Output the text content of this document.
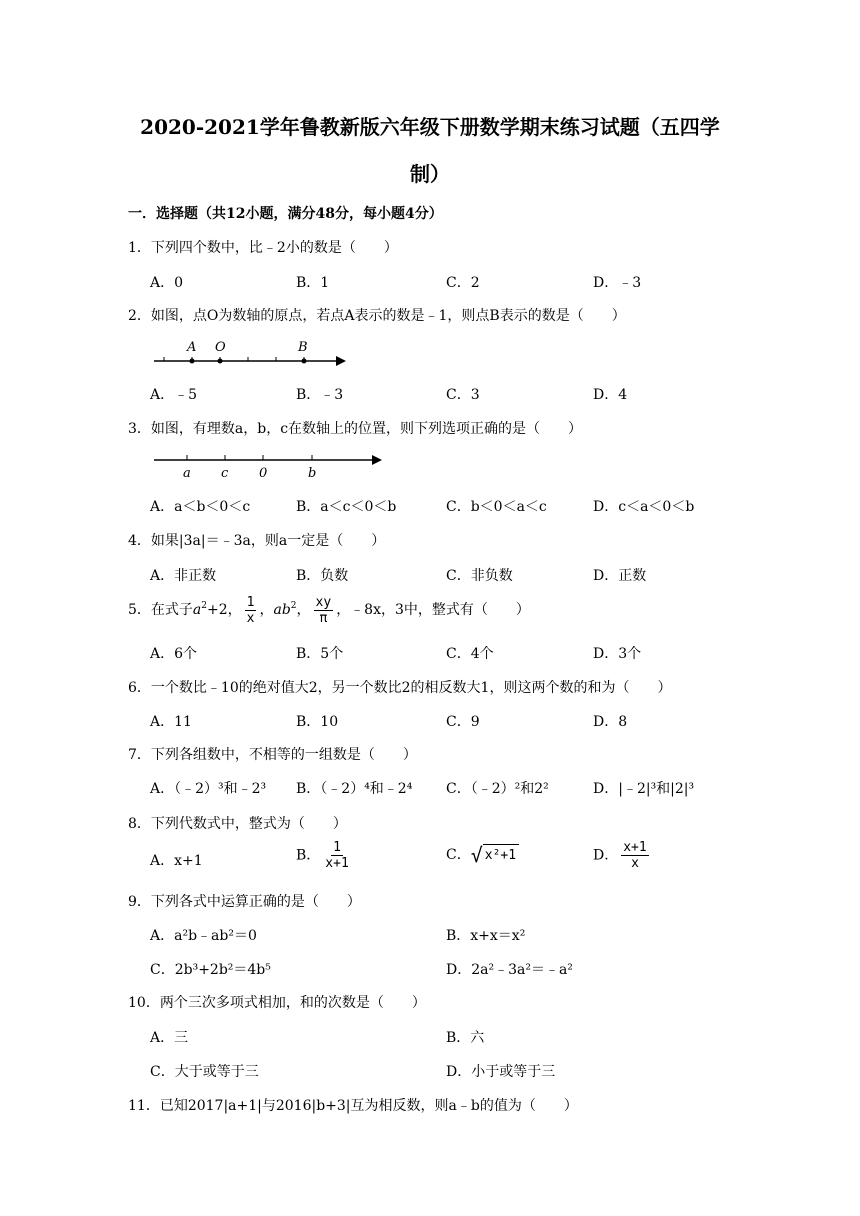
2020-2021学年鲁教新版六年级下册数学期末练习试题（五四学
制）
一．选择题（共12小题，满分48分，每小题4分）
1．下列四个数中，比﹣2小的数是（　　）
A．0	B．1	C．2	D．﹣3
2．如图，点O为数轴的原点，若点A表示的数是﹣1，则点B表示的数是（　　）
A O	B
A．﹣5	B．﹣3	C．3	D．4
3．如图，有理数a，b，c在数轴上的位置，则下列选项正确的是（　　）
a c 0	b
A．a＜b＜0＜c	B．a＜c＜0＜b	C．b＜0＜a＜c	D．c＜a＜0＜b
4．如果|3a|＝﹣3a，则a一定是（　　）
A．非正数	B．负数	C．非负数	D．正数
5．在式子$a^2+2$， $\frac{1}{x}$ ，$ab^2$， $\frac{xy}{\pi}$ ，﹣8x，3中，整式有（　　）
A．6个	B．5个	C．4个	D．3个
6．一个数比﹣10的绝对值大2，另一个数比2的相反数大1，则这两个数的和为（　　）
A．11	B．10	C．9	D．8
7．下列各组数中，不相等的一组数是（　　）
A．（﹣2）³和﹣2³ B．（﹣2）⁴和﹣2⁴ C．（﹣2）²和2²	D．|﹣2|³和|2|³
8．下列代数式中，整式为（　　）
A．x+1	B． $\frac{1}{x+1}$	C． √ x²+1	D． $\frac{x+1}{x}$
9．下列各式中运算正确的是（　　）
A．a²b﹣ab²＝0	B．x+x＝x²
C．2b³+2b²＝4b⁵	D．2a²﹣3a²＝﹣a²
10．两个三次多项式相加，和的次数是（　　）
A．三	B．六
C．大于或等于三	D．小于或等于三
11．已知2017|a+1|与2016|b+3|互为相反数，则a﹣b的值为（　　）
